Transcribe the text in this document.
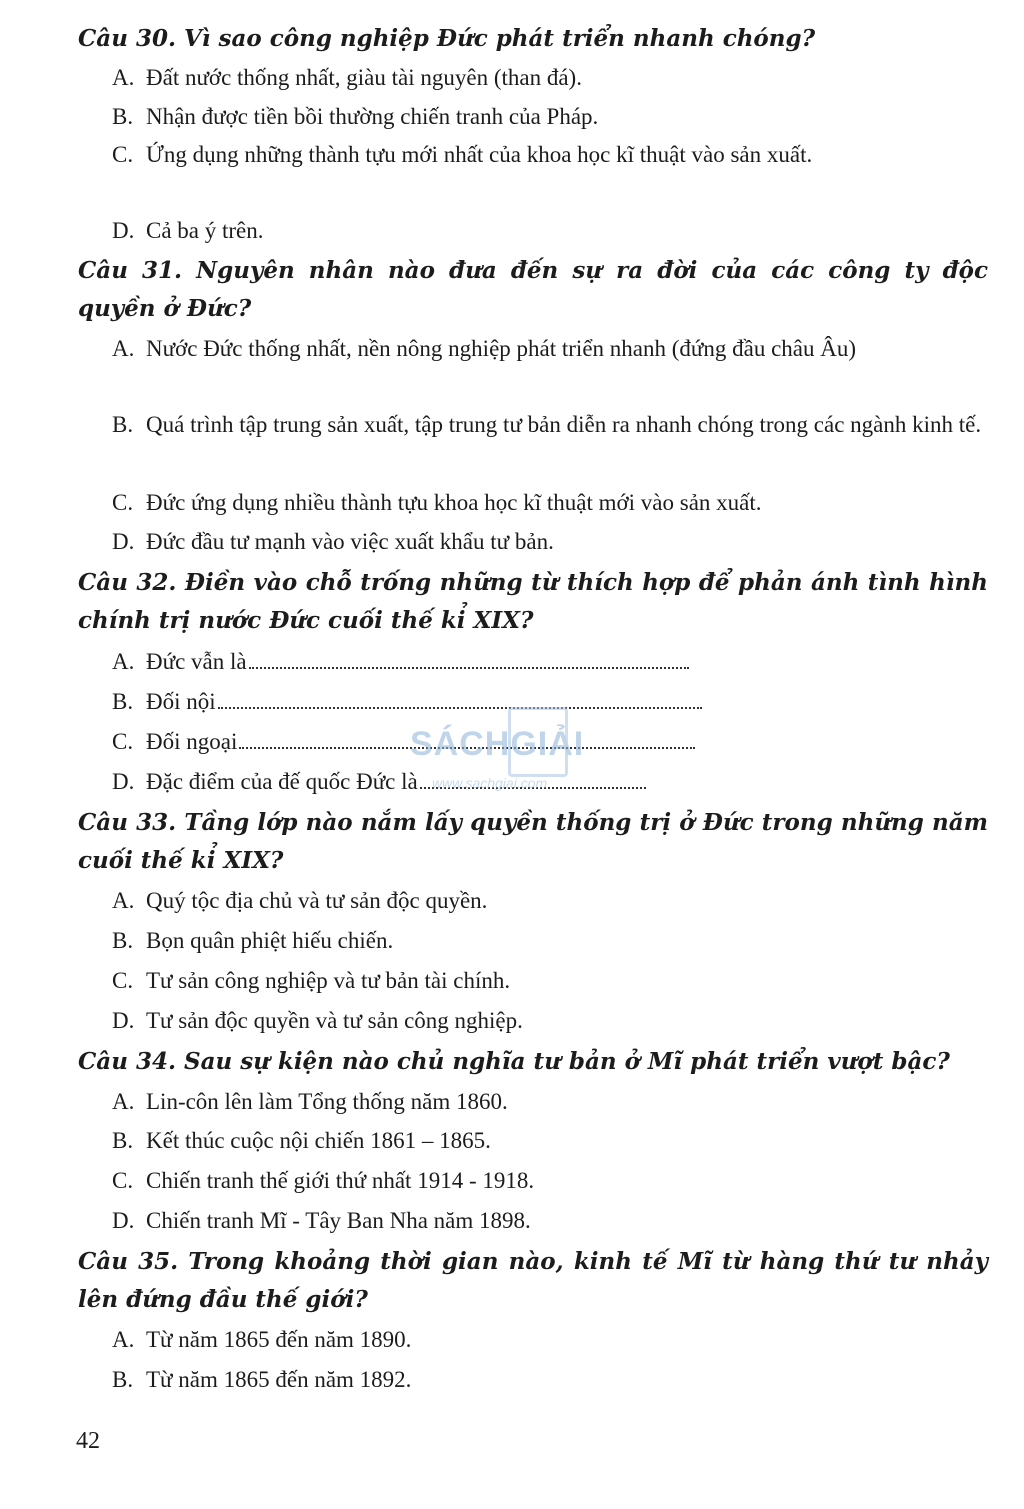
Câu 30. Vì sao công nghiệp Đức phát triển nhanh chóng?

A. Đất nước thống nhất, giàu tài nguyên (than đá).
B. Nhận được tiền bồi thường chiến tranh của Pháp.
C. Ứng dụng những thành tựu mới nhất của khoa học kĩ thuật vào sản xuất.
D. Cả ba ý trên.

Câu 31. Nguyên nhân nào đưa đến sự ra đời của các công ty độc quyền ở Đức?

A. Nước Đức thống nhất, nền nông nghiệp phát triển nhanh (đứng đầu châu Âu)
B. Quá trình tập trung sản xuất, tập trung tư bản diễn ra nhanh chóng trong các ngành kinh tế.
C. Đức ứng dụng nhiều thành tựu khoa học kĩ thuật mới vào sản xuất.
D. Đức đầu tư mạnh vào việc xuất khẩu tư bản.

Câu 32. Điền vào chỗ trống những từ thích hợp để phản ánh tình hình chính trị nước Đức cuối thế kỉ XIX?

A. Đức vẫn là
B. Đối nội
C. Đối ngoại
D. Đặc điểm của đế quốc Đức là
SÁCHGIẢI
www.sachgiai.com

Câu 33. Tầng lớp nào nắm lấy quyền thống trị ở Đức trong những năm cuối thế kỉ XIX?

A. Quý tộc địa chủ và tư sản độc quyền.
B. Bọn quân phiệt hiếu chiến.
C. Tư sản công nghiệp và tư bản tài chính.
D. Tư sản độc quyền và tư sản công nghiệp.

Câu 34. Sau sự kiện nào chủ nghĩa tư bản ở Mĩ phát triển vượt bậc?

A. Lin-côn lên làm Tổng thống năm 1860.
B. Kết thúc cuộc nội chiến 1861 – 1865.
C. Chiến tranh thế giới thứ nhất 1914 - 1918.
D. Chiến tranh Mĩ - Tây Ban Nha năm 1898.

Câu 35. Trong khoảng thời gian nào, kinh tế Mĩ từ hàng thứ tư nhảy lên đứng đầu thế giới?

A. Từ năm 1865 đến năm 1890.
B. Từ năm 1865 đến năm 1892.
42
